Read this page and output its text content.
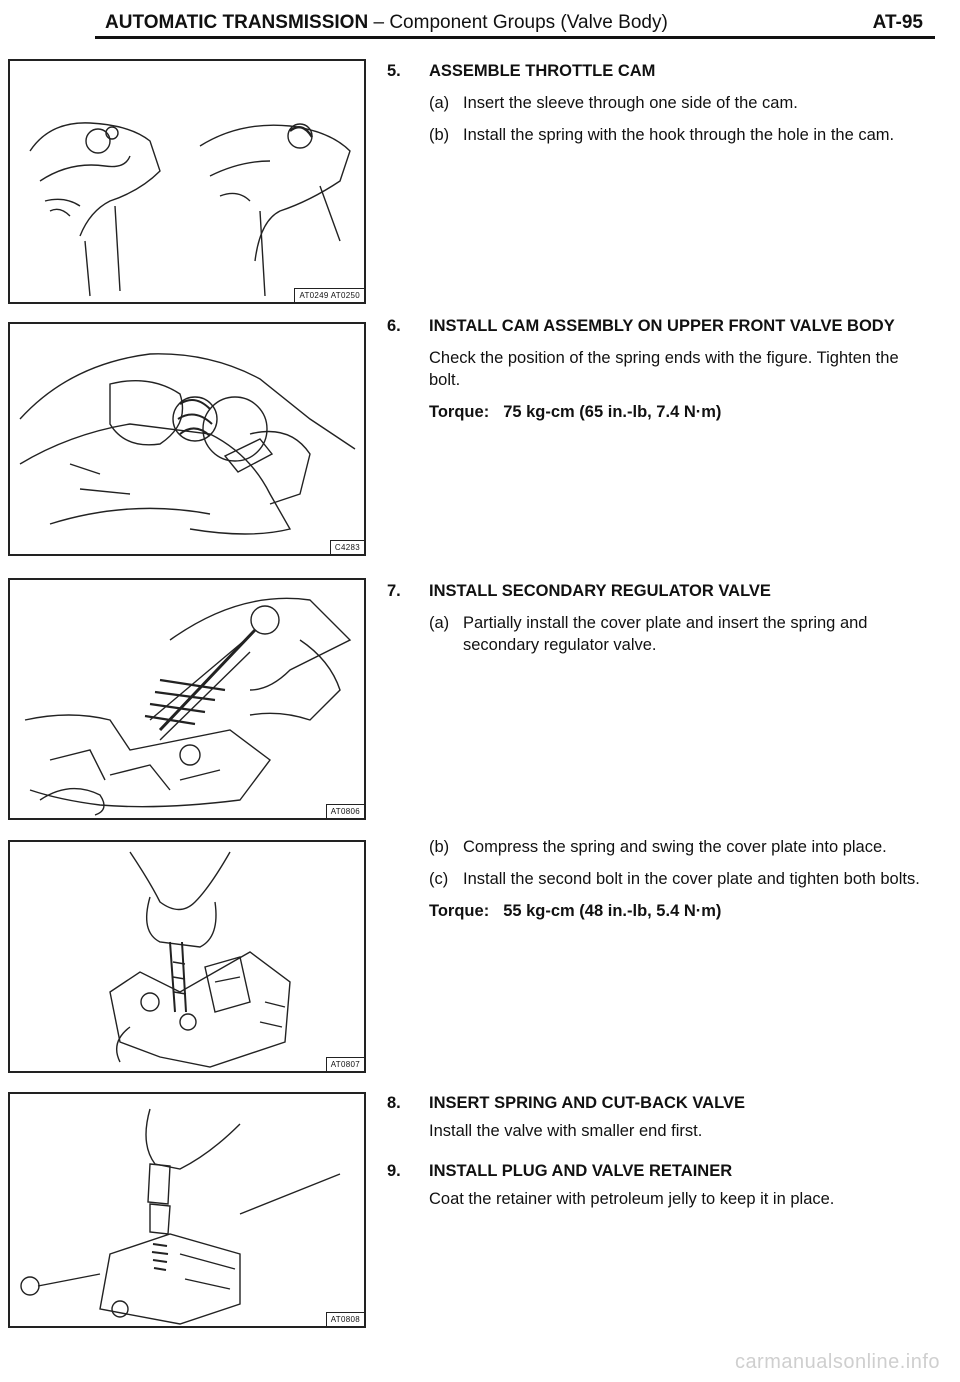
AUTOMATIC TRANSMISSION – Component Groups (Valve Body)	AT-95
AT0249 AT0250
C4283
AT0806
AT0807
AT0808
5. ASSEMBLE THROTTLE CAM
(a) Insert the sleeve through one side of the cam.
(b) Install the spring with the hook through the hole in the cam.
6. INSTALL CAM ASSEMBLY ON UPPER FRONT VALVE BODY
Check the position of the spring ends with the figure. Tighten the bolt.
Torque: 75 kg-cm (65 in.-lb, 7.4 N·m)
7. INSTALL SECONDARY REGULATOR VALVE
(a) Partially install the cover plate and insert the spring and secondary regulator valve.
(b) Compress the spring and swing the cover plate into place.
(c) Install the second bolt in the cover plate and tighten both bolts.
Torque: 55 kg-cm (48 in.-lb, 5.4 N·m)
8. INSERT SPRING AND CUT-BACK VALVE
Install the valve with smaller end first.
9. INSTALL PLUG AND VALVE RETAINER
Coat the retainer with petroleum jelly to keep it in place.
carmanualsonline.info
